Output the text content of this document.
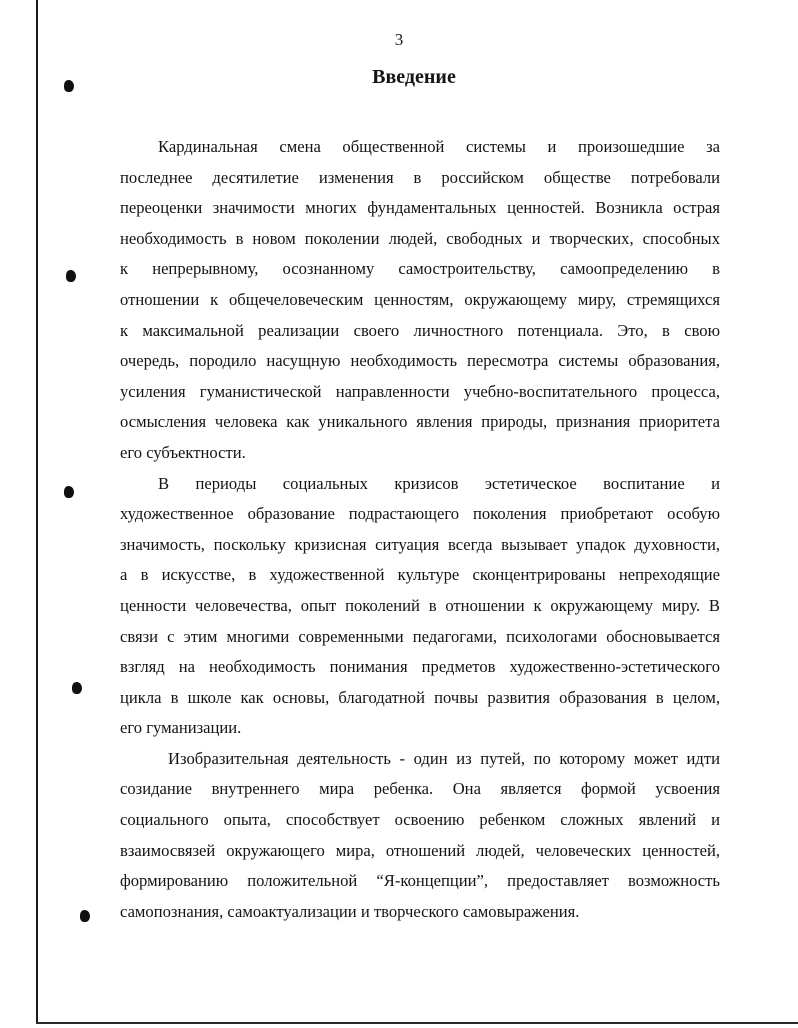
3
Введение
Кардинальная смена общественной системы и произошедшие за
последнее десятилетие изменения в российском обществе потребовали
переоценки значимости многих фундаментальных ценностей. Возникла острая
необходимость в новом поколении людей, свободных и творческих, способных
к непрерывному, осознанному самостроительству, самоопределению в
отношении к общечеловеческим ценностям, окружающему миру, стремящихся
к максимальной реализации своего личностного потенциала. Это, в свою
очередь, породило насущную необходимость пересмотра системы образования,
усиления гуманистической направленности учебно-воспитательного процесса,
осмысления человека как уникального явления природы, признания приоритета
его субъектности.
В периоды социальных кризисов эстетическое воспитание и
художественное образование подрастающего поколения приобретают особую
значимость, поскольку кризисная ситуация всегда вызывает упадок духовности,
а в искусстве, в художественной культуре сконцентрированы непреходящие
ценности человечества, опыт поколений в отношении к окружающему миру. В
связи с этим многими современными педагогами, психологами обосновывается
взгляд на необходимость понимания предметов художественно-эстетического
цикла в школе как основы, благодатной почвы развития образования в целом,
его гуманизации.
Изобразительная деятельность - один из путей, по которому может идти
созидание внутреннего мира ребенка. Она является формой усвоения
социального опыта, способствует освоению ребенком сложных явлений и
взаимосвязей окружающего мира, отношений людей, человеческих ценностей,
формированию положительной “Я-концепции”, предоставляет возможность
самопознания, самоактуализации и творческого самовыражения.
